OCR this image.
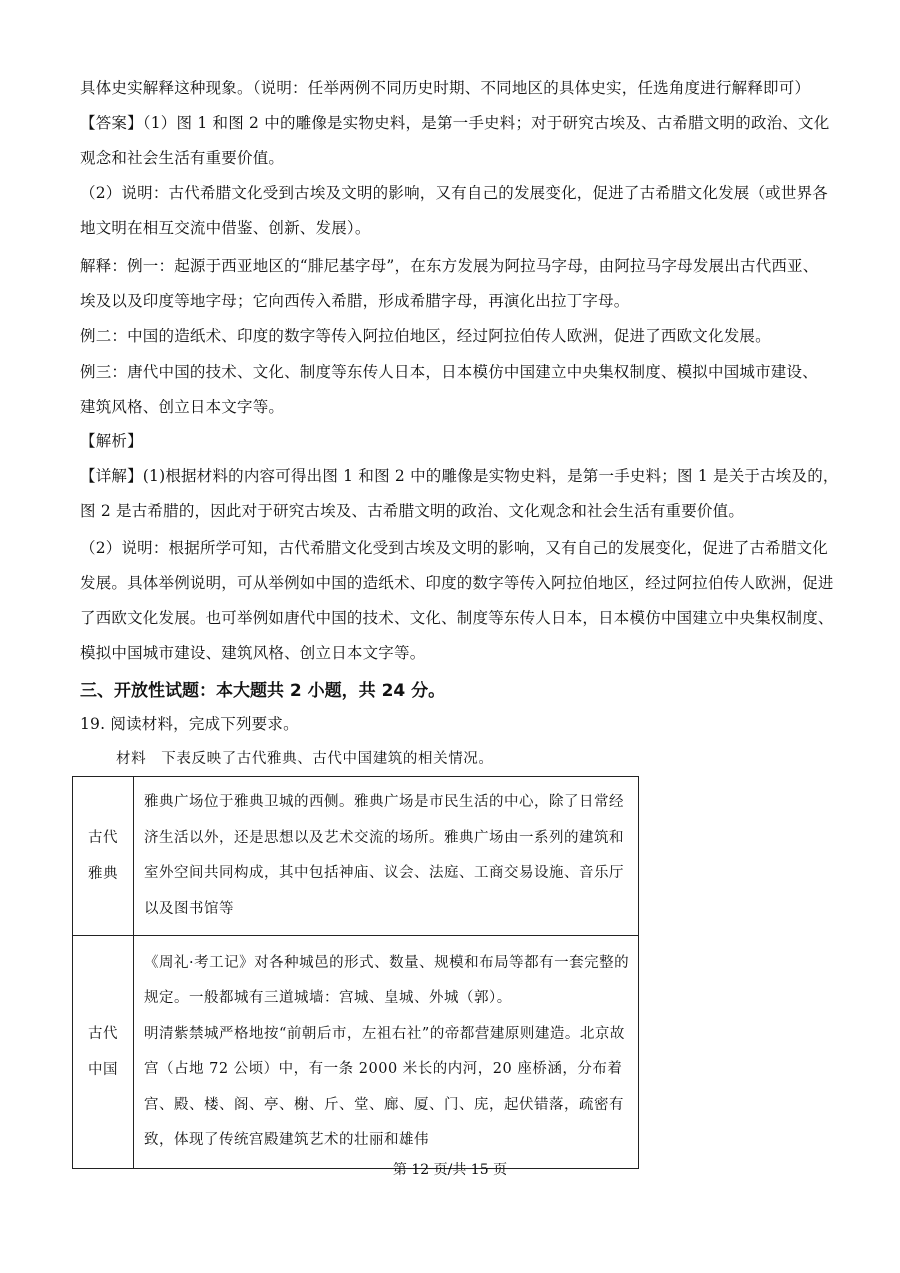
具体史实解释这种现象。（说明：任举两例不同历史时期、不同地区的具体史实，任选角度进行解释即可）
【答案】（1）图 1 和图 2 中的雕像是实物史料，是第一手史料；对于研究古埃及、古希腊文明的政治、文化
观念和社会生活有重要价值。
（2）说明：古代希腊文化受到古埃及文明的影响，又有自己的发展变化，促进了古希腊文化发展（或世界各
地文明在相互交流中借鉴、创新、发展）。
解释：例一：起源于西亚地区的“腓尼基字母”，在东方发展为阿拉马字母，由阿拉马字母发展出古代西亚、
埃及以及印度等地字母；它向西传入希腊，形成希腊字母，再演化出拉丁字母。
例二：中国的造纸术、印度的数字等传入阿拉伯地区，经过阿拉伯传人欧洲，促进了西欧文化发展。
例三：唐代中国的技术、文化、制度等东传人日本，日本模仿中国建立中央集权制度、模拟中国城市建设、
建筑风格、创立日本文字等。
【解析】
【详解】(1)根据材料的内容可得出图 1 和图 2 中的雕像是实物史料，是第一手史料；图 1 是关于古埃及的，
图 2 是古希腊的，因此对于研究古埃及、古希腊文明的政治、文化观念和社会生活有重要价值。
（2）说明：根据所学可知，古代希腊文化受到古埃及文明的影响，又有自己的发展变化，促进了古希腊文化
发展。具体举例说明，可从举例如中国的造纸术、印度的数字等传入阿拉伯地区，经过阿拉伯传人欧洲，促进
了西欧文化发展。也可举例如唐代中国的技术、文化、制度等东传人日本，日本模仿中国建立中央集权制度、
模拟中国城市建设、建筑风格、创立日本文字等。
三、开放性试题：本大题共 2 小题，共 24 分。
19. 阅读材料，完成下列要求。
材料　下表反映了古代雅典、古代中国建筑的相关情况。
古代雅典	雅典广场位于雅典卫城的西侧。雅典广场是市民生活的中心，除了日常经济生活以外，还是思想以及艺术交流的场所。雅典广场由一系列的建筑和室外空间共同构成，其中包括神庙、议会、法庭、工商交易设施、音乐厅以及图书馆等
古代中国	《周礼·考工记》对各种城邑的形式、数量、规模和布局等都有一套完整的规定。一般都城有三道城墙：宫城、皇城、外城（郭）。
明清紫禁城严格地按“前朝后市，左祖右社”的帝都营建原则建造。北京故宫（占地 72 公顷）中，有一条 2000 米长的内河，20 座桥涵，分布着宫、殿、楼、阁、亭、榭、斤、堂、廊、厦、门、庑，起伏错落，疏密有致，体现了传统宫殿建筑艺术的壮丽和雄伟
第 12 页/共 15 页
